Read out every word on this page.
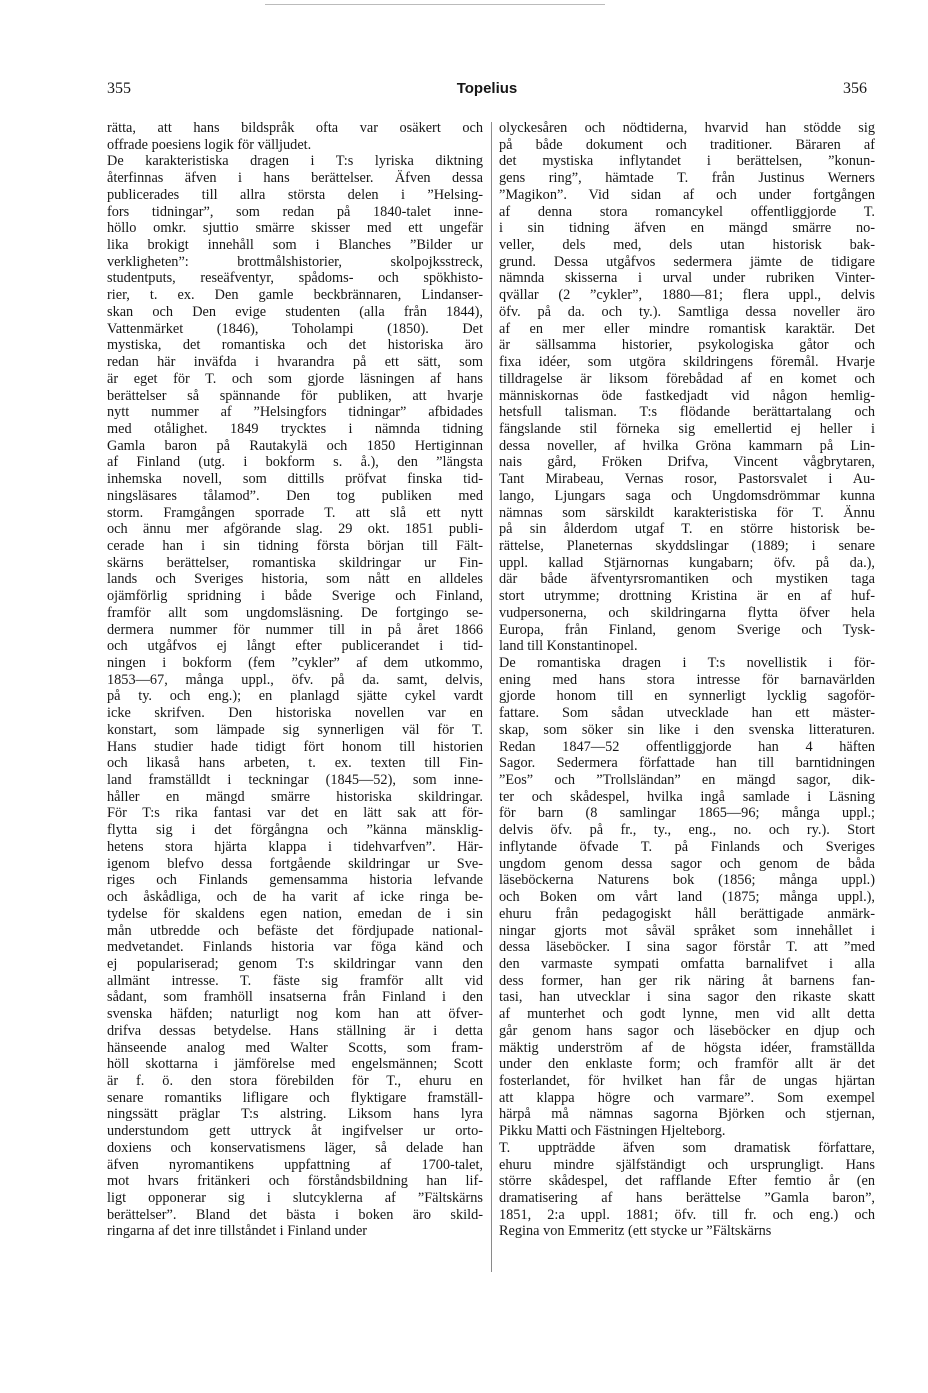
355	Topelius	356
rätta, att hans bildspråk ofta var osäkert och
offrade poesiens logik för välljudet.
De karakteristiska dragen i T:s lyriska diktning
återfinnas äfven i hans berättelser. Äfven dessa
publicerades till allra största delen i ”Helsing-
fors tidningar”, som redan på 1840-talet inne-
höllo omkr. sjuttio smärre skisser med ett ungefär
lika brokigt innehåll som i Blanches ”Bilder ur
verkligheten”: brottmålshistorier, skolpojksstreck,
studentputs, reseäfventyr, spådoms- och spökhisto-
rier, t. ex. Den gamle beckbrännaren, Lindanser-
skan och Den evige studenten (alla från 1844),
Vattenmärket (1846), Toholampi (1850). Det
mystiska, det romantiska och det historiska äro
redan här inväfda i hvarandra på ett sätt, som
är eget för T. och som gjorde läsningen af hans
berättelser så spännande för publiken, att hvarje
nytt nummer af ”Helsingfors tidningar” afbidades
med otålighet. 1849 trycktes i nämnda tidning
Gamla baron på Rautakylä och 1850 Hertiginnan
af Finland (utg. i bokform s. å.), den ”längsta
inhemska novell, som dittills pröfvat finska tid-
ningsläsares tålamod”. Den tog publiken med
storm. Framgången sporrade T. att slå ett nytt
och ännu mer afgörande slag. 29 okt. 1851 publi-
cerade han i sin tidning första början till Fält-
skärns berättelser, romantiska skildringar ur Fin-
lands och Sveriges historia, som nått en alldeles
ojämförlig spridning i både Sverige och Finland,
framför allt som ungdomsläsning. De fortgingo se-
dermera nummer för nummer till in på året 1866
och utgåfvos ej långt efter publicerandet i tid-
ningen i bokform (fem ”cykler” af dem utkommo,
1853—67, många uppl., öfv. på da. samt, delvis,
på ty. och eng.); en planlagd sjätte cykel vardt
icke skrifven. Den historiska novellen var en
konstart, som lämpade sig synnerligen väl för T.
Hans studier hade tidigt fört honom till historien
och likaså hans arbeten, t. ex. texten till Fin-
land framställdt i teckningar (1845—52), som inne-
håller en mängd smärre historiska skildringar.
För T:s rika fantasi var det en lätt sak att för-
flytta sig i det förgångna och ”känna mänsklig-
hetens stora hjärta klappa i tidehvarfven”. Här-
igenom blefvo dessa fortgående skildringar ur Sve-
riges och Finlands gemensamma historia lefvande
och åskådliga, och de ha varit af icke ringa be-
tydelse för skaldens egen nation, emedan de i sin
mån utbredde och befäste det fördjupade national-
medvetandet. Finlands historia var föga känd och
ej populariserad; genom T:s skildringar vann den
allmänt intresse. T. fäste sig framför allt vid
sådant, som framhöll insatserna från Finland i den
svenska häfden; naturligt nog kom han att öfver-
drifva dessas betydelse. Hans ställning är i detta
hänseende analog med Walter Scotts, som fram-
höll skottarna i jämförelse med engelsmännen; Scott
är f. ö. den stora förebilden för T., ehuru en
senare romantiks lifligare och flyktigare framställ-
ningssätt präglar T:s alstring. Liksom hans lyra
understundom gett uttryck åt ingifvelser ur orto-
doxiens och konservatismens läger, så delade han
äfven nyromantikens uppfattning af 1700-talet,
mot hvars fritänkeri och förståndsbildning han lif-
ligt opponerar sig i slutcyklerna af ”Fältskärns
berättelser”. Bland det bästa i boken äro skild-
ringarna af det inre tillståndet i Finland under
olyckesåren och nödtiderna, hvarvid han stödde sig
på både dokument och traditioner. Bäraren af
det mystiska inflytandet i berättelsen, ”konun-
gens ring”, hämtade T. från Justinus Werners
”Magikon”. Vid sidan af och under fortgången
af denna stora romancykel offentliggjorde T.
i sin tidning äfven en mängd smärre no-
veller, dels med, dels utan historisk bak-
grund. Dessa utgåfvos sedermera jämte de tidigare
nämnda skisserna i urval under rubriken Vinter-
qvällar (2 ”cykler”, 1880—81; flera uppl., delvis
öfv. på da. och ty.). Samtliga dessa noveller äro
af en mer eller mindre romantisk karaktär. Det
är sällsamma historier, psykologiska gåtor och
fixa idéer, som utgöra skildringens föremål. Hvarje
tilldragelse är liksom förebådad af en komet och
människornas öde fastkedjadt vid någon hemlig-
hetsfull talisman. T:s flödande berättartalang och
fängslande stil förneka sig emellertid ej heller i
dessa noveller, af hvilka Gröna kammarn på Lin-
nais gård, Fröken Drifva, Vincent vågbrytaren,
Tant Mirabeau, Vernas rosor, Pastorsvalet i Au-
lango, Ljungars saga och Ungdomsdrömmar kunna
nämnas som särskildt karakteristiska för T. Ännu
på sin ålderdom utgaf T. en större historisk be-
rättelse, Planeternas skyddslingar (1889; i senare
uppl. kallad Stjärnornas kungabarn; öfv. på da.),
där både äfventyrsromantiken och mystiken taga
stort utrymme; drottning Kristina är en af huf-
vudpersonerna, och skildringarna flytta öfver hela
Europa, från Finland, genom Sverige och Tysk-
land till Konstantinopel.
De romantiska dragen i T:s novellistik i för-
ening med hans stora intresse för barnavärlden
gjorde honom till en synnerligt lycklig sagoför-
fattare. Som sådan utvecklade han ett mäster-
skap, som söker sin like i den svenska litteraturen.
Redan 1847—52 offentliggjorde han 4 häften
Sagor. Sedermera författade han till barntidningen
”Eos” och ”Trollsländan” en mängd sagor, dik-
ter och skådespel, hvilka ingå samlade i Läsning
för barn (8 samlingar 1865—96; många uppl.;
delvis öfv. på fr., ty., eng., no. och ry.). Stort
inflytande öfvade T. på Finlands och Sveriges
ungdom genom dessa sagor och genom de båda
läseböckerna Naturens bok (1856; många uppl.)
och Boken om vårt land (1875; många uppl.),
ehuru från pedagogiskt håll berättigade anmärk-
ningar gjorts mot såväl språket som innehållet i
dessa läseböcker. I sina sagor förstår T. att ”med
den varmaste sympati omfatta barnalifvet i alla
dess former, han ger rik näring åt barnens fan-
tasi, han utvecklar i sina sagor den rikaste skatt
af munterhet och godt lynne, men vid allt detta
går genom hans sagor och läseböcker en djup och
mäktig underström af de högsta idéer, framställda
under den enklaste form; och framför allt är det
fosterlandet, för hvilket han får de ungas hjärtan
att klappa högre och varmare”. Som exempel
härpå må nämnas sagorna Björken och stjernan,
Pikku Matti och Fästningen Hjelteborg.
T. uppträdde äfven som dramatisk författare,
ehuru mindre själfständigt och ursprungligt. Hans
större skådespel, det rafflande Efter femtio år (en
dramatisering af hans berättelse ”Gamla baron”,
1851, 2:a uppl. 1881; öfv. till fr. och eng.) och
Regina von Emmeritz (ett stycke ur ”Fältskärns
